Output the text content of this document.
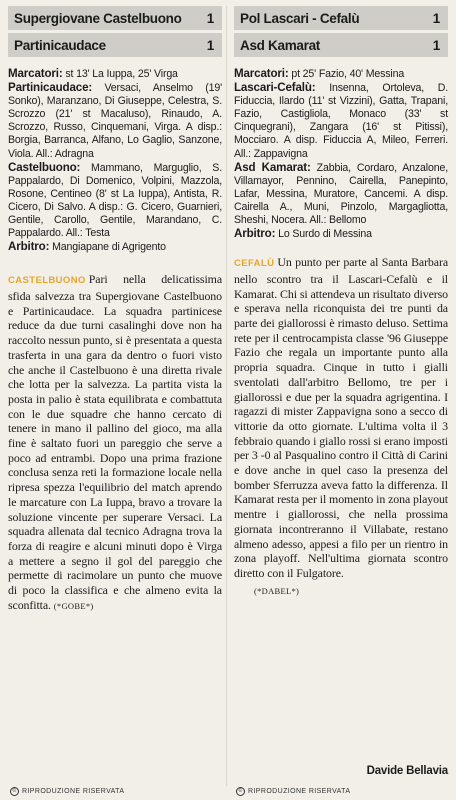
Supergiovane Castelbuono 1
Partinicaudace	1

Marcatori: st 13' La Iuppa, 25' Virga

Partinicaudace: Versaci, Anselmo (19' Sonko), Maranzano, Di Giuseppe, Celestra, S. Scrozzo (21' st Macaluso), Rinaudo, A. Scrozzo, Russo, Cinquemani, Virga. A disp.: Borgia, Barranca, Alfano, Lo Gaglio, Sanzone, Viola. All.: Adragna

Castelbuono: Mammano, Marguglio, S. Pappalardo, Di Domenico, Volpini, Mazzola, Rosone, Centineo (8' st La Iuppa), Antista, R. Cicero, Di Salvo. A disp.: G. Cicero, Guarnieri, Gentile, Carollo, Gentile, Marandano, C. Pappalardo. All.: Testa

Arbitro: Mangiapane di Agrigento

CASTELBUONO Pari nella delicatissima sfida salvezza tra Supergiovane Castelbuono e Partinicaudace. La squadra partinicese reduce da due turni casalinghi dove non ha raccolto nessun punto, si è presentata a questa trasferta in una gara da dentro o fuori visto che anche il Castelbuono è una diretta rivale che lotta per la salvezza. La partita vista la posta in palio è stata equilibrata e combattuta con le due squadre che hanno cercato di tenere in mano il pallino del gioco, ma alla fine è saltato fuori un pareggio che serve a poco ad entrambi. Dopo una prima frazione conclusa senza reti la formazione locale nella ripresa spezza l'equilibrio del match aprendo le marcature con La Iuppa, bravo a trovare la soluzione vincente per superare Versaci. La squadra allenata dal tecnico Adragna trova la forza di reagire e alcuni minuti dopo è Virga a mettere a segno il gol del pareggio che permette di racimolare un punto che muove di poco la classifica e che almeno evita la sconfitta. (*GOBE*)

Pol Lascari - Cefalù	1
Asd Kamarat	1

Marcatori: pt 25' Fazio, 40' Messina

Lascari-Cefalù: Insenna, Ortoleva, D. Fiduccia, Ilardo (11' st Vizzini), Gatta, Trapani, Fazio, Castigliola, Monaco (33' st Cinquegrani), Zangara (16' st Pitissi), Mocciaro. A disp. Fiduccia A, Mileo, Ferreri. All.: Zappavigna

Asd Kamarat: Zabbia, Cordaro, Anzalone, Villamayor, Pennino, Cairella, Panepinto, Lafar, Messina, Muratore, Cancemi. A disp. Cairella A., Muni, Pinzolo, Margagliotta, Sheshi, Nocera. All.: Bellomo

Arbitro: Lo Surdo di Messina

CEFALÙ Un punto per parte al Santa Barbara nello scontro tra il Lascari-Cefalù e il Kamarat. Chi si attendeva un risultato diverso e sperava nella riconquista dei tre punti da parte dei giallorossi è rimasto deluso. Settima rete per il centrocampista classe '96 Giuseppe Fazio che regala un importante punto alla propria squadra. Cinque in tutto i gialli sventolati dall'arbitro Bellomo, tre per i giallorossi e due per la squadra agrigentina. I ragazzi di mister Zappavigna sono a secco di vittorie da otto giornate. L'ultima volta il 3 febbraio quando i giallo rossi si erano imposti per 3 -0 al Pasqualino contro il Città di Carini e dove anche in quel caso la presenza del bomber Sferruzza aveva fatto la differenza. Il Kamarat resta per il momento in zona playout mentre i giallorossi, che nella prossima giornata incontreranno il Villabate, restano almeno adesso, appesi a filo per un rientro in zona playoff. Nell'ultima giornata scontro diretto con il Fulgatore.

(*DABEL*)
Davide Bellavia
© RIPRODUZIONE RISERVATA	© RIPRODUZIONE RISERVATA
